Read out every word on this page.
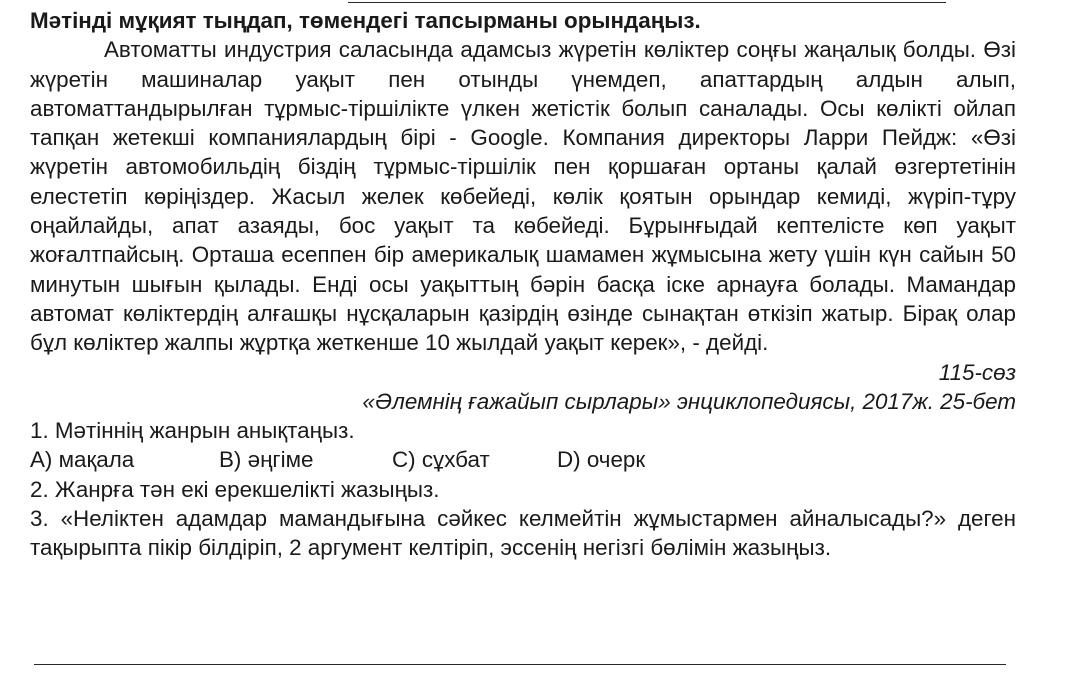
Мәтінді мұқият тыңдап, төмендегі тапсырманы орындаңыз.

Автоматты индустрия саласында адамсыз жүретін көліктер соңғы жаңалық болды. Өзі жүретін машиналар уақыт пен отынды үнемдеп, апаттардың алдын алып, автоматтандырылған тұрмыс-тіршілікте үлкен жетістік болып саналады. Осы көлікті ойлап тапқан жетекші компаниялардың бірі - Google. Компания директоры Ларри Пейдж: «Өзі жүретін автомобильдің біздің тұрмыс-тіршілік пен қоршаған ортаны қалай өзгертетінін елестетіп көріңіздер. Жасыл желек көбейеді, көлік қоятын орындар кемиді, жүріп-тұру оңайлайды, апат азаяды, бос уақыт та көбейеді. Бұрынғыдай кептелісте көп уақыт жоғалтпайсың. Орташа есеппен бір америкалық шамамен жұмысына жету үшін күн сайын 50 минутын шығын қылады. Енді осы уақыттың бәрін басқа іске арнауға болады. Мамандар автомат көліктердің алғашқы нұсқаларын қазірдің өзінде сынақтан өткізіп жатыр. Бірақ олар бұл көліктер жалпы жұртқа жеткенше 10 жылдай уақыт керек», - дейді.

115-сөз

«Әлемнің ғажайып сырлары» энциклопедиясы, 2017ж. 25-бет

1. Мәтіннің жанрын анықтаңыз.

A) мақала	B) әңгіме	C) сұхбат	D) очерк

2. Жанрға тән екі ерекшелікті жазыңыз.

3. «Неліктен адамдар мамандығына сәйкес келмейтін жұмыстармен айналысады?» деген тақырыпта пікір білдіріп, 2 аргумент келтіріп, эссенің негізгі бөлімін жазыңыз.
